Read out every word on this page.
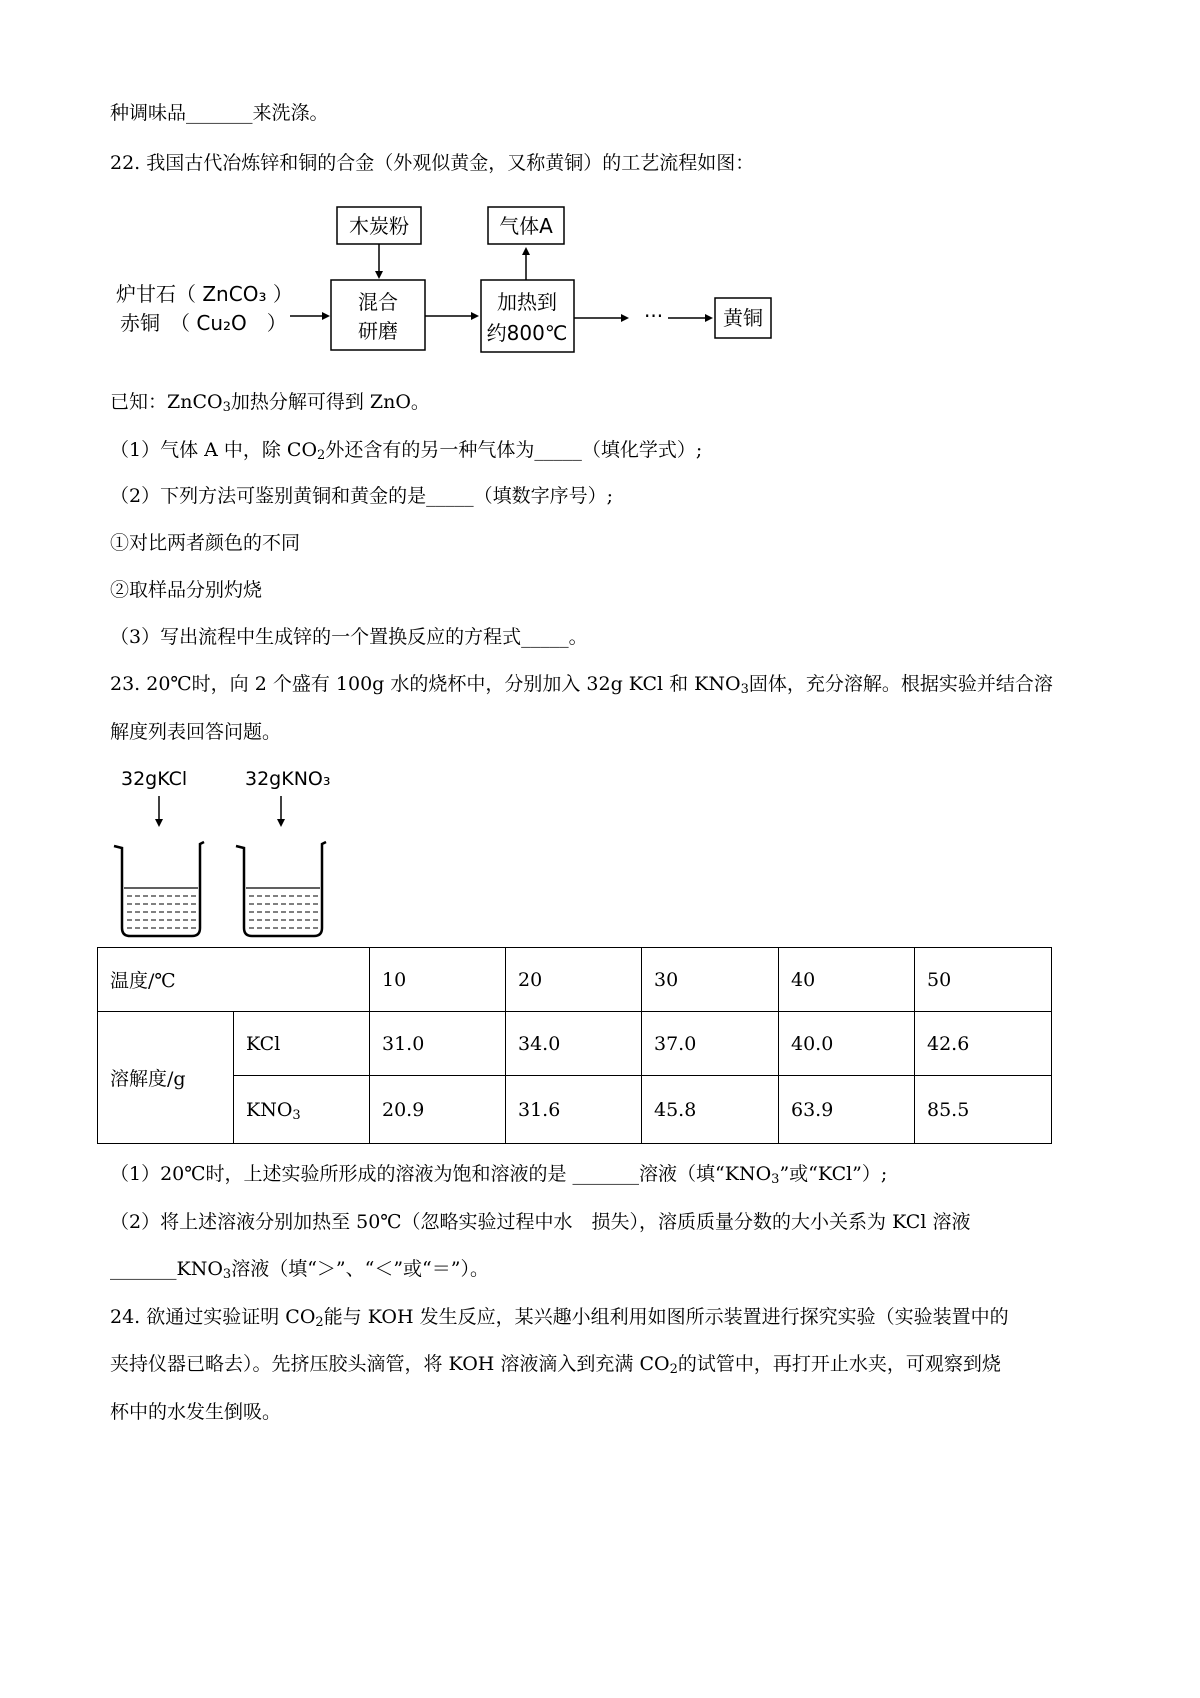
种调味品_______来洗涤。
22. 我国古代冶炼锌和铜的合金（外观似黄金，又称黄铜）的工艺流程如图：
炉甘石（ ZnCO₃ ）
赤铜　（ Cu₂O　）
木炭粉
混合
研磨
气体A
加热到
约800℃
···	黄铜
已知：ZnCO$_3$加热分解可得到 ZnO。
（1）气体 A 中，除 $CO_2$外还含有的另一种气体为_____（填化学式）;
（2）下列方法可鉴别黄铜和黄金的是_____（填数字序号）;
①对比两者颜色的不同
②取样品分别灼烧
（3）写出流程中生成锌的一个置换反应的方程式_____。
23. 20℃时，向 2 个盛有 100g 水的烧杯中，分别加入 32g KCl 和 $KNO_3$固体，充分溶解。根据实验并结合溶
解度列表回答问题。
32gKCl	32gKNO₃
温度/℃		10	20	30	40	50
溶解度/g	KCl	31.0	34.0	37.0	40.0	42.6
	$KNO_3$	20.9	31.6	45.8	63.9	85.5
（1）20℃时，上述实验所形成的溶液为饱和溶液的是 _______溶液（填“$KNO_3$”或“KCl”）;
（2）将上述溶液分别加热至 50℃（忽略实验过程中水　损失），溶质质量分数的大小关系为 KCl 溶液
$\_\_\_\_\_\_\_KNO_3$溶液（填“＞”、“＜”或“＝”）。
24. 欲通过实验证明 $CO_2$能与 KOH 发生反应，某兴趣小组利用如图所示装置进行探究实验（实验装置中的
夹持仪器已略去）。先挤压胶头滴管，将 KOH 溶液滴入到充满 $CO_2$的试管中，再打开止水夹，可观察到烧
杯中的水发生倒吸。
